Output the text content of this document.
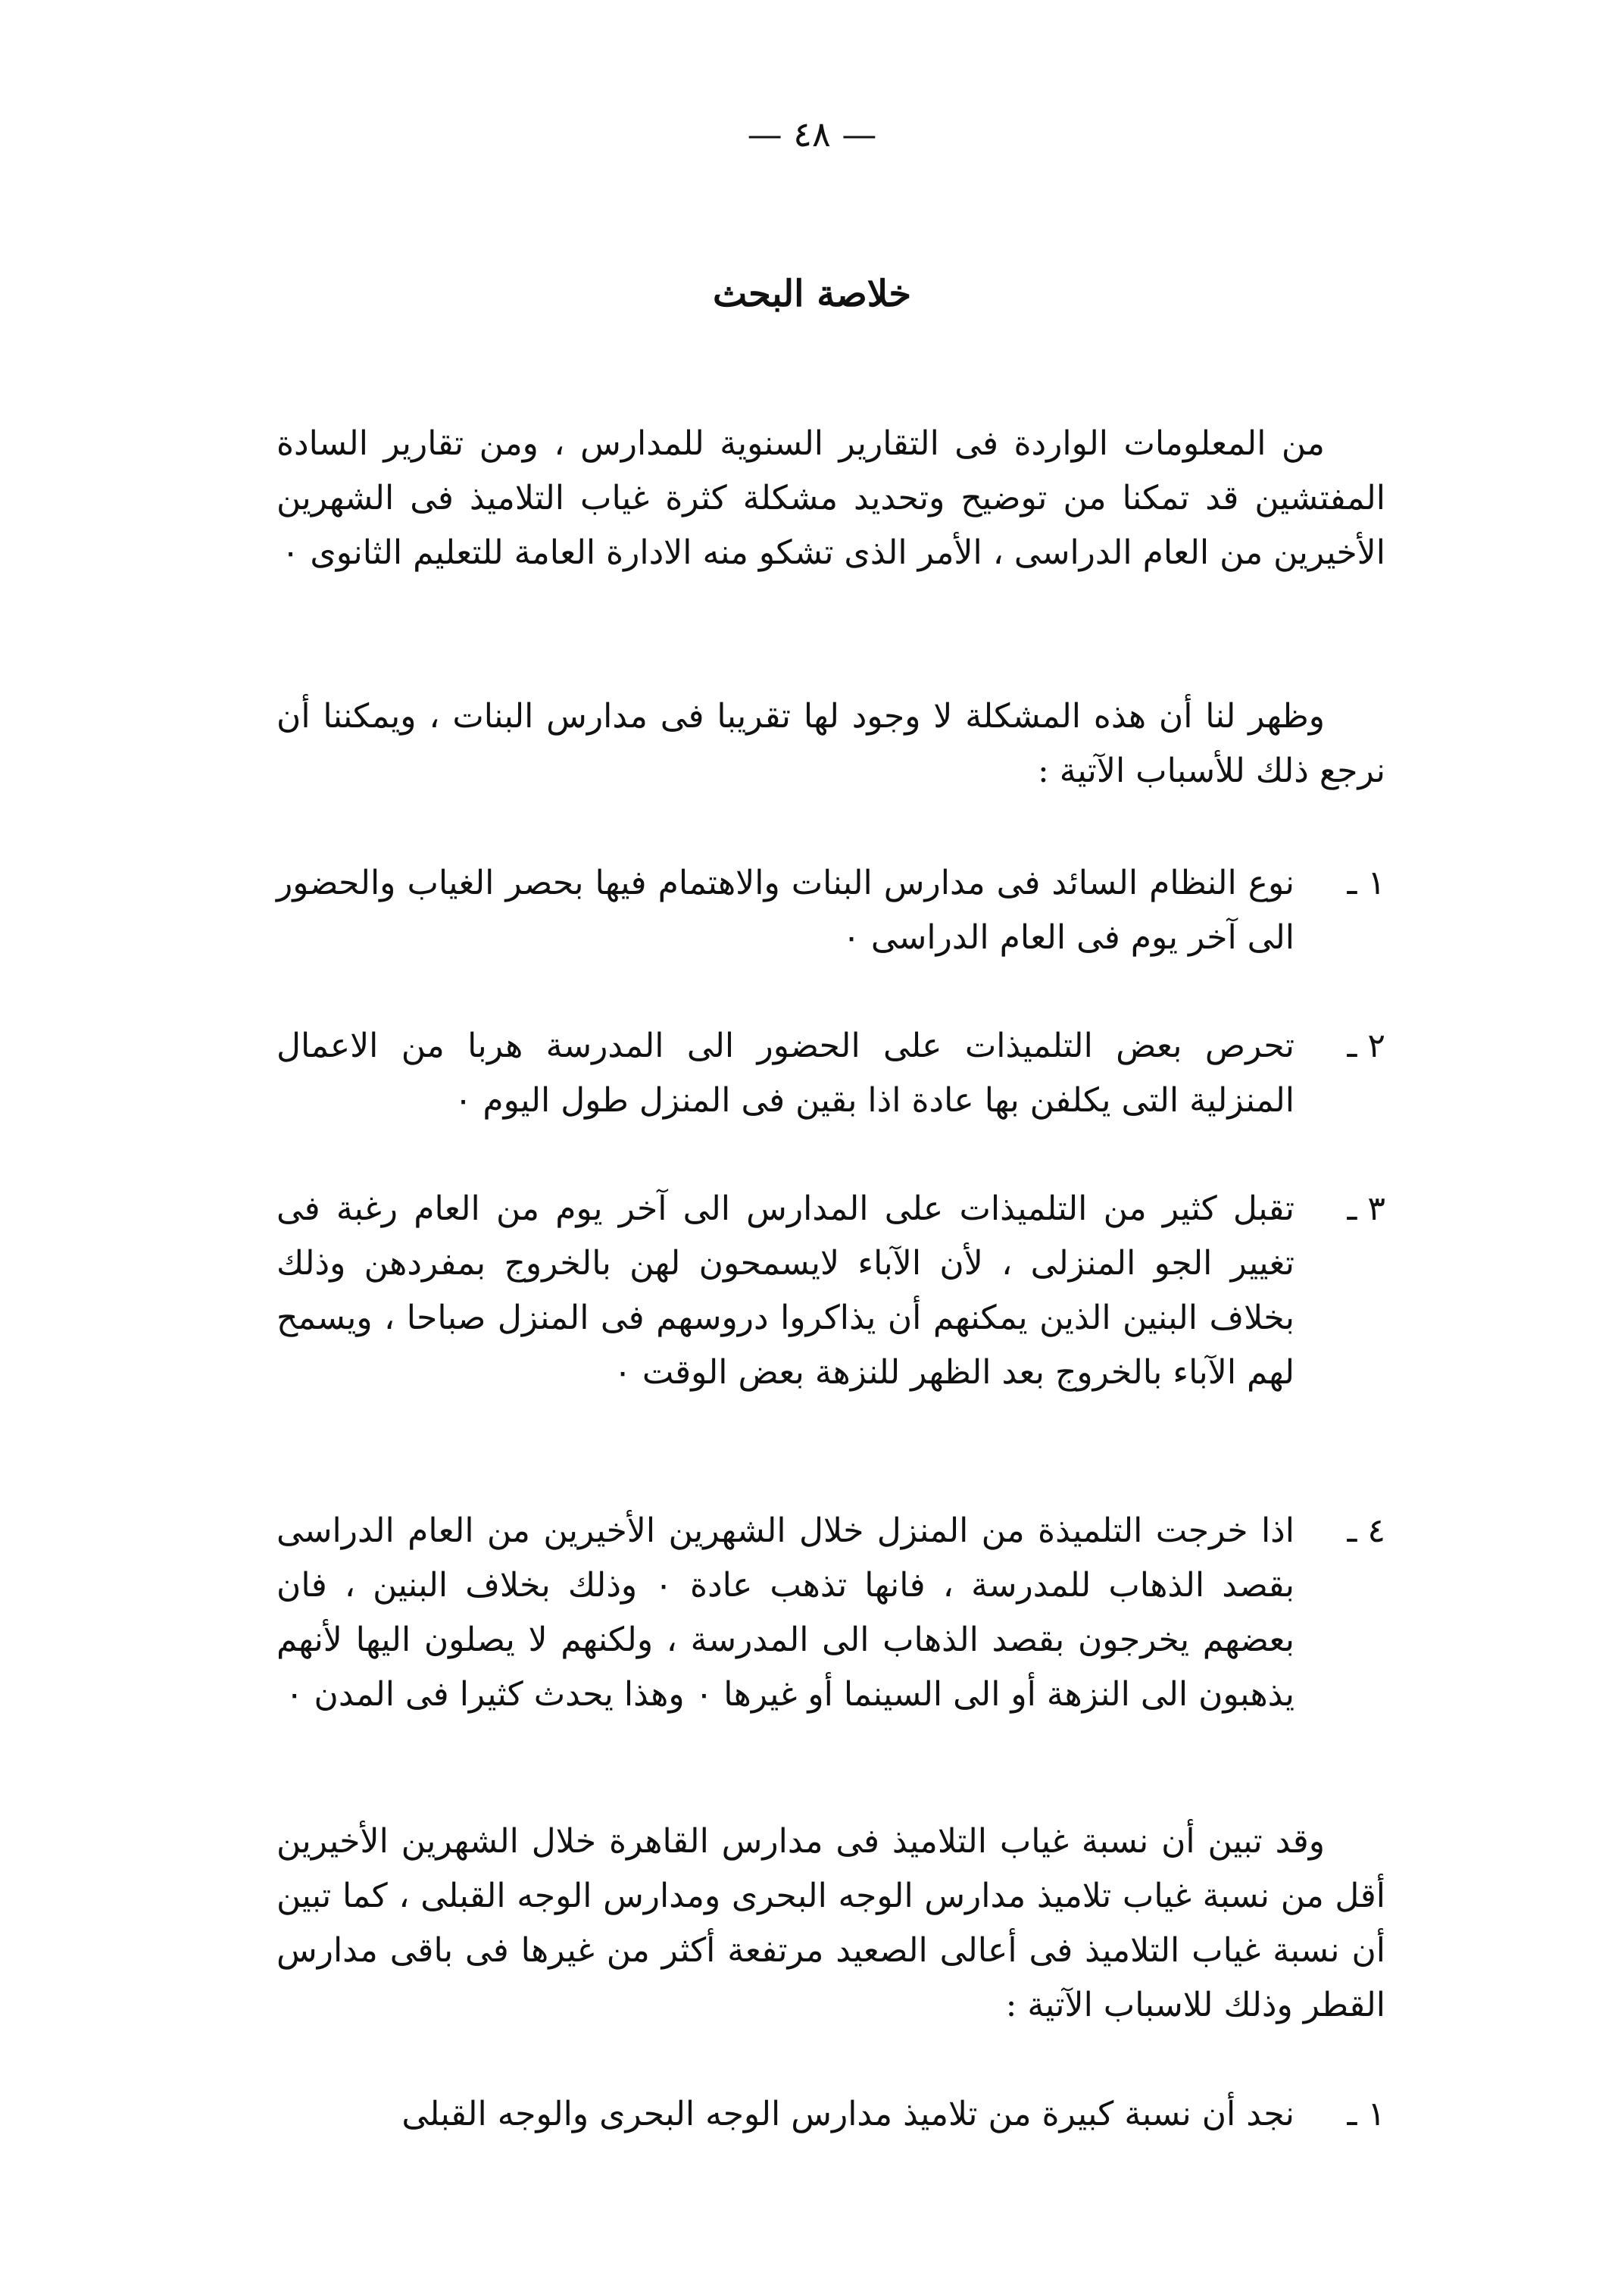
— ٤٨ —
خلاصة البحث
من المعلومات الواردة فى التقارير السنوية للمدارس ، ومن تقارير السادة المفتشين قد تمكنا من توضيح وتحديد مشكلة كثرة غياب التلاميذ فى الشهرين الأخيرين من العام الدراسى ، الأمر الذى تشكو منه الادارة العامة للتعليم الثانوى ٠
وظهر لنا أن هذه المشكلة لا وجود لها تقريبا فى مدارس البنات ، ويمكننا أن نرجع ذلك للأسباب الآتية :
١ ـ
نوع النظام السائد فى مدارس البنات والاهتمام فيها بحصر الغياب والحضور الى آخر يوم فى العام الدراسى ٠
٢ ـ
تحرص بعض التلميذات على الحضور الى المدرسة هربا من الاعمال المنزلية التى يكلفن بها عادة اذا بقين فى المنزل طول اليوم ٠
٣ ـ
تقبل كثير من التلميذات على المدارس الى آخر يوم من العام رغبة فى تغيير الجو المنزلى ، لأن الآباء لايسمحون لهن بالخروج بمفردهن وذلك بخلاف البنين الذين يمكنهم أن يذاكروا دروسهم فى المنزل صباحا ، ويسمح لهم الآباء بالخروج بعد الظهر للنزهة بعض الوقت ٠
٤ ـ
اذا خرجت التلميذة من المنزل خلال الشهرين الأخيرين من العام الدراسى بقصد الذهاب للمدرسة ، فانها تذهب عادة ٠ وذلك بخلاف البنين ، فان بعضهم يخرجون بقصد الذهاب الى المدرسة ، ولكنهم لا يصلون اليها لأنهم يذهبون الى النزهة أو الى السينما أو غيرها ٠ وهذا يحدث كثيرا فى المدن ٠
وقد تبين أن نسبة غياب التلاميذ فى مدارس القاهرة خلال الشهرين الأخيرين أقل من نسبة غياب تلاميذ مدارس الوجه البحرى ومدارس الوجه القبلى ، كما تبين أن نسبة غياب التلاميذ فى أعالى الصعيد مرتفعة أكثر من غيرها فى باقى مدارس القطر وذلك للاسباب الآتية :
١ ـ
نجد أن نسبة كبيرة من تلاميذ مدارس الوجه البحرى والوجه القبلى
